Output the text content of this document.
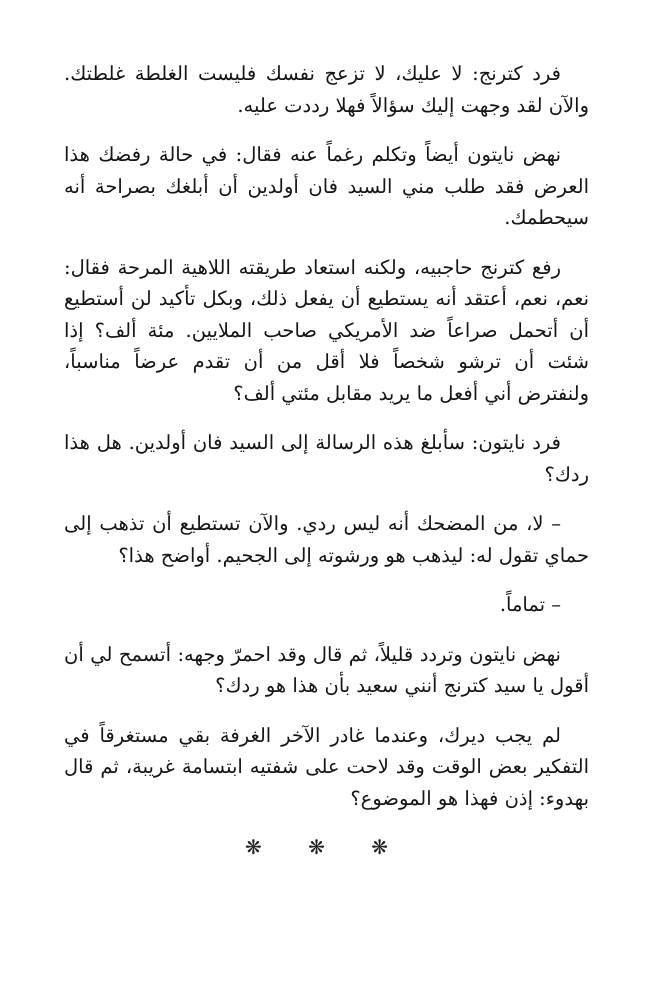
فرد كترنج: لا عليك، لا تزعج نفسك فليست الغلطة غلطتك. والآن لقد وجهت إليك سؤالاً فهلا رددت عليه.

نهض نايتون أيضاً وتكلم رغماً عنه فقال: في حالة رفضك هذا العرض فقد طلب مني السيد فان أولدين أن أبلغك بصراحة أنه سيحطمك.

رفع كترنج حاجبيه، ولكنه استعاد طريقته اللاهية المرحة فقال: نعم، نعم، أعتقد أنه يستطيع أن يفعل ذلك، وبكل تأكيد لن أستطيع أن أتحمل صراعاً ضد الأمريكي صاحب الملايين. مئة ألف؟ إذا شئت أن ترشو شخصاً فلا أقل من أن تقدم عرضاً مناسباً، ولنفترض أني أفعل ما يريد مقابل مئتي ألف؟

فرد نايتون: سأبلغ هذه الرسالة إلى السيد فان أولدين. هل هذا ردك؟

– لا، من المضحك أنه ليس ردي. والآن تستطيع أن تذهب إلى حماي تقول له: ليذهب هو ورشوته إلى الجحيم. أواضح هذا؟

– تماماً.

نهض نايتون وتردد قليلاً، ثم قال وقد احمرّ وجهه: أتسمح لي أن أقول يا سيد كترنج أنني سعيد بأن هذا هو ردك؟

لم يجب ديرك، وعندما غادر الآخر الغرفة بقي مستغرقاً في التفكير بعض الوقت وقد لاحت على شفتيه ابتسامة غريبة، ثم قال بهدوء: إذن فهذا هو الموضوع؟

❋ ❋ ❋
